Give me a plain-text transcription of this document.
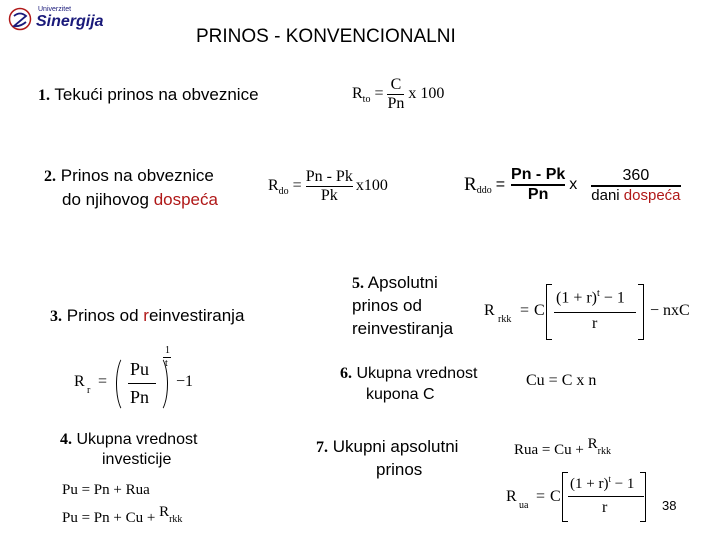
Univerzitet
Sinergija
PRINOS - KONVENCIONALNI
1. Tekući prinos na obveznice	R to = $\frac{C}{Pn}$ x 100
2. Prinos na obveznice
do njihovog dospeća
R do = $\frac{Pn - Pk}{Pk} x100$	R ddo = $\frac{Pn - Pk}{Pn}$ x $\frac{360}{\text{dani dospeća}}$
3. Prinos od reinvestiranja
R
r
=
Pu
Pn
1
t
−1
4. Ukupna vrednost
investicije
Pu = Pn + Rua
Pu = Pn + Cu + Rrkk
5. Apsolutni
prinos od
reinvestiranja
R
rkk
= C
$(1 + r)^t - 1$
r
− nxC
6. Ukupna vrednost
kupona C
Cu = C x n
7. Ukupni apsolutni
prinos
Rua = Cu + Rrkk
R
ua
= C
$(1 + r)^t - 1$
r	38
